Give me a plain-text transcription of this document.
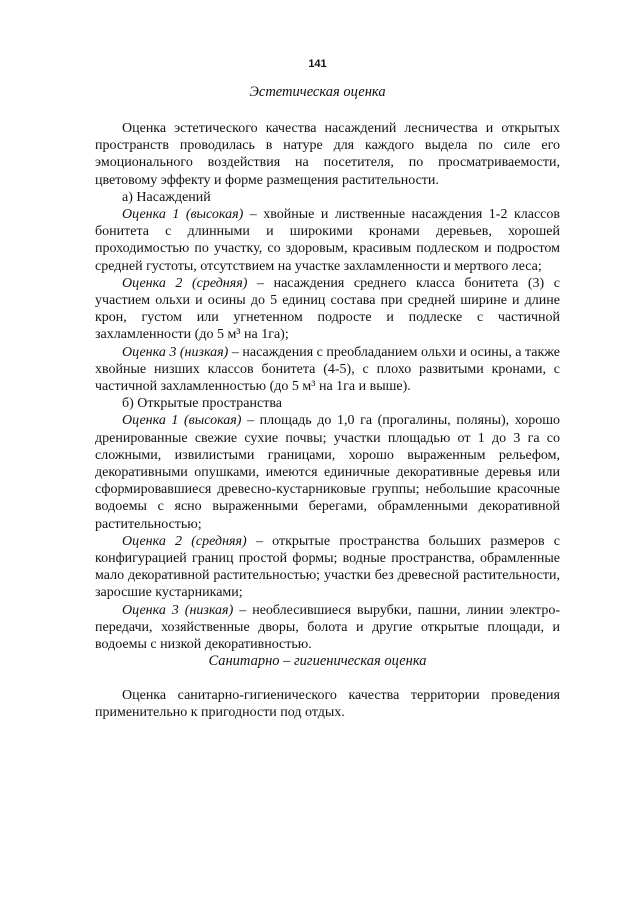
141
Эстетическая оценка

Оценка эстетического качества насаждений лесничества и открытых пространств проводилась в натуре для каждого выдела по силе его эмоционального воздействия на посетителя, по просматриваемости, цветовому эффекту и форме размещения растительности.

а) Насаждений

Оценка 1 (высокая) – хвойные и лиственные насаждения 1-2 классов бонитета с длинными и широкими кронами деревьев, хорошей проходимостью по участку, со здоровым, красивым подлеском и подростом средней густоты, отсутствием на участке захламленности и мертвого леса;

Оценка 2 (средняя) – насаждения среднего класса бонитета (3) с участием ольхи и осины до 5 единиц состава при средней ширине и длине крон, густом или угнетенном подросте и подлеске с частичной захламленности (до 5 м³ на 1га);

Оценка 3 (низкая) – насаждения с преобладанием ольхи и осины, а также хвойные низших классов бонитета (4-5), с плохо развитыми кронами, с частичной захламленностью (до 5 м³ на 1га и выше).

б) Открытые пространства

Оценка 1 (высокая) – площадь до 1,0 га (прогалины, поляны), хорошо дренированные свежие сухие почвы; участки площадью от 1 до 3 га со сложными, извилистыми границами, хорошо выраженным рельефом, декоративными опушками, имеются единичные декоративные деревья или сформировавшиеся древесно-кустарниковые группы; небольшие красочные водоемы с ясно выраженными берегами, обрамленными декоративной растительностью;

Оценка 2 (средняя) – открытые пространства больших размеров с конфигурацией границ простой формы; водные пространства, обрамленные мало декоративной растительностью; участки без древесной растительности, заросшие кустарниками;

Оценка 3 (низкая) – необлесившиеся вырубки, пашни, линии электро-передачи, хозяйственные дворы, болота и другие открытые площади, и водоемы с низкой декоративностью.

Санитарно – гигиеническая оценка

Оценка санитарно-гигиенического качества территории проведения применительно к пригодности под отдых.
